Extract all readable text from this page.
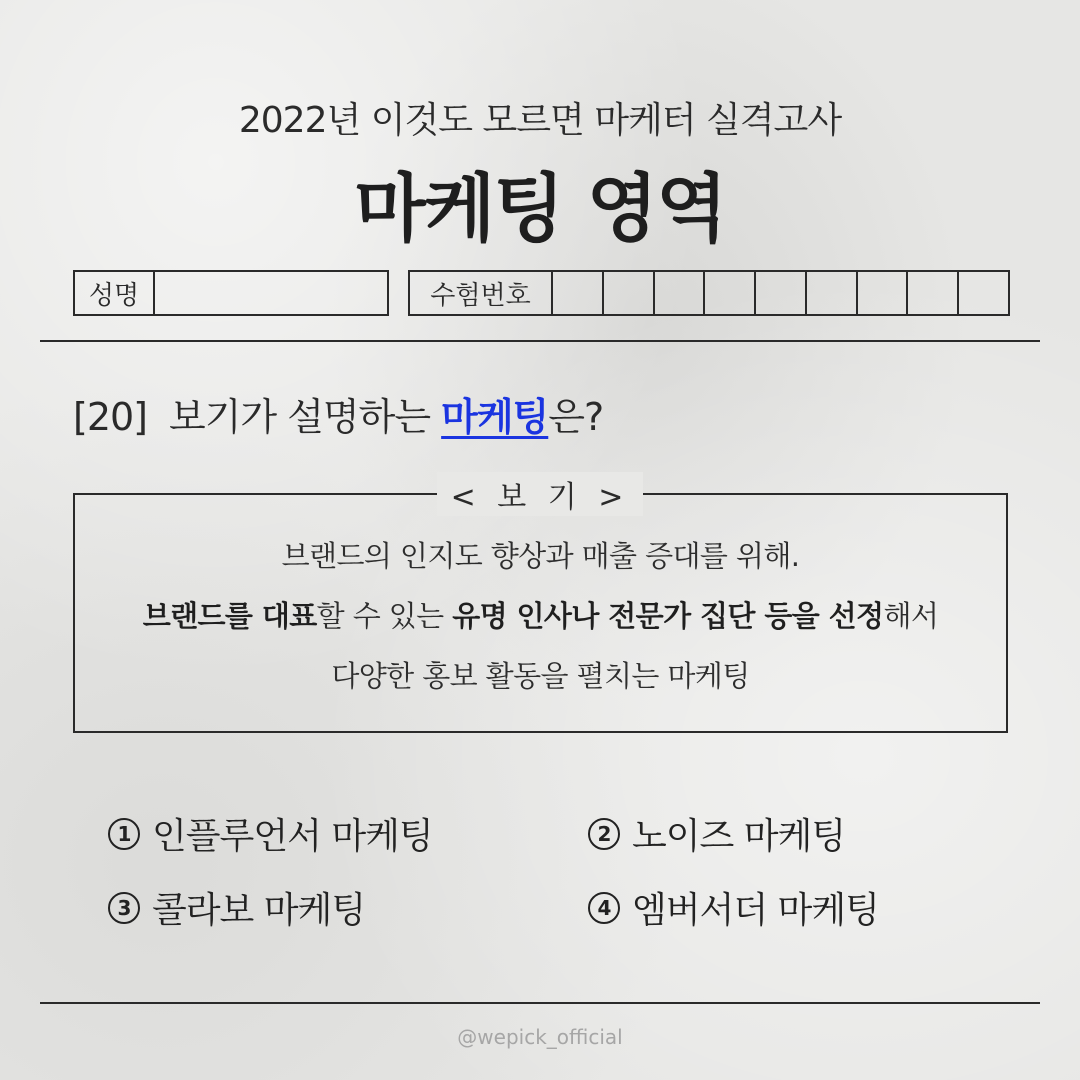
2022년 이것도 모르면 마케터 실격고사
마케팅 영역
성명	수험번호
[20] 보기가 설명하는 마케팅은?
< 보 기 >
브랜드의 인지도 향상과 매출 증대를 위해.
브랜드를 대표할 수 있는 유명 인사나 전문가 집단 등을 선정해서
다양한 홍보 활동을 펼치는 마케팅
1 인플루언서 마케팅	2 노이즈 마케팅
3 콜라보 마케팅	4 엠버서더 마케팅
@wepick_official
